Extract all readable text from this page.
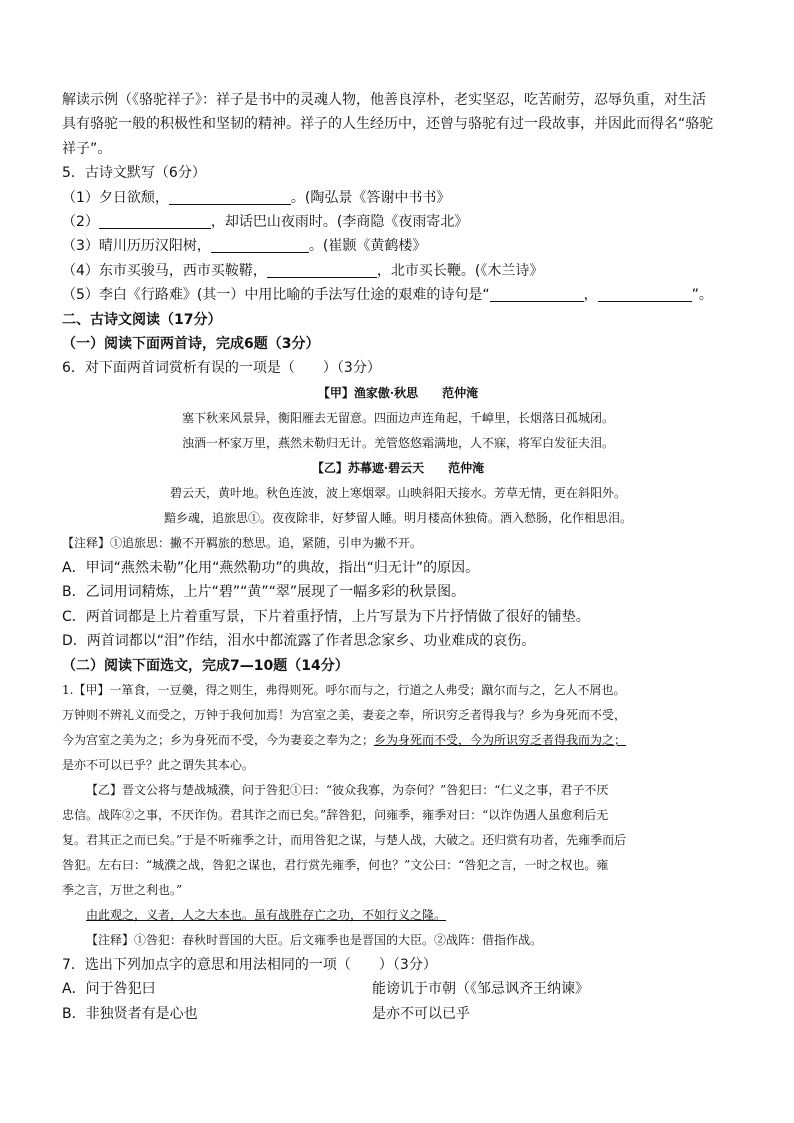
解读示例（《骆驼祥子》：祥子是书中的灵魂人物，他善良淳朴，老实坚忍，吃苦耐劳，忍辱负重，对生活
具有骆驼一般的积极性和坚韧的精神。祥子的人生经历中，还曾与骆驼有过一段故事，并因此而得名“骆驼
祥子”。
5．古诗文默写（6分）
（1）夕日欲颓，	。(陶弘景《答谢中书书》
（2）	，却话巴山夜雨时。(李商隐《夜雨寄北》
（3）晴川历历汉阳树，	。(崔颢《黄鹤楼》
（4）东市买骏马，西市买鞍鞯，	，北市买长鞭。(《木兰诗》
（5）李白《行路难》(其一）中用比喻的手法写仕途的艰难的诗句是“	，	”。
二、古诗文阅读（17分）
（一）阅读下面两首诗，完成6题（3分）
6．对下面两首词赏析有误的一项是（　　）（3分）
【甲】渔家傲·秋思　　范仲淹
塞下秋来风景异，衡阳雁去无留意。四面边声连角起，千嶂里，长烟落日孤城闭。
浊酒一杯家万里，燕然未勒归无计。羌管悠悠霜满地，人不寐，将军白发征夫泪。
【乙】苏幕遮·碧云天　　范仲淹
碧云天，黄叶地。秋色连波，波上寒烟翠。山映斜阳天接水。芳草无情，更在斜阳外。
黯乡魂，追旅思①。夜夜除非，好梦留人睡。明月楼高休独倚。酒入愁肠，化作相思泪。
【注释】①追旅思：撇不开羁旅的愁思。追，紧随，引申为撇不开。
A．甲词“燕然未勒”化用“燕然勒功”的典故，指出“归无计”的原因。
B．乙词用词精炼，上片“碧”“黄”“翠”展现了一幅多彩的秋景图。
C．两首词都是上片着重写景，下片着重抒情，上片写景为下片抒情做了很好的铺垫。
D．两首词都以“泪”作结，泪水中都流露了作者思念家乡、功业难成的哀伤。
（二）阅读下面选文，完成7—10题（14分）
1.【甲】一箪食，一豆羹，得之则生，弗得则死。呼尔而与之，行道之人弗受；蹴尔而与之，乞人不屑也。
万钟则不辨礼义而受之，万钟于我何加焉！为宫室之美，妻妾之奉，所识穷乏者得我与？乡为身死而不受，
今为宫室之美为之；乡为身死而不受，今为妻妾之奉为之；乡为身死而不受，今为所识穷乏者得我而为之；
是亦不可以已乎？此之谓失其本心。
【乙】晋文公将与楚战城濮，问于咎犯①曰：“彼众我寡，为奈何？”咎犯曰：“仁义之事，君子不厌
忠信。战阵②之事，不厌诈伪。君其诈之而已矣。”辞咎犯，问雍季，雍季对曰：“以诈伪遇人虽愈利后无
复。君其正之而已矣。”于是不听雍季之计，而用咎犯之谋，与楚人战，大破之。还归赏有功者，先雍季而后
咎犯。左右曰：“城濮之战，咎犯之谋也，君行赏先雍季，何也？”文公曰：“咎犯之言，一时之权也。雍
季之言，万世之利也。”
由此观之，义者，人之大本也。虽有战胜存亡之功，不如行义之隆。
【注释】①咎犯：春秋时晋国的大臣。后文雍季也是晋国的大臣。②战阵：借指作战。
7．选出下列加点字的意思和用法相同的一项（　　）（3分）
A．问于咎犯曰	能谤讥于市朝（《邹忌讽齐王纳谏》
B．非独贤者有是心也	是亦不可以已乎
